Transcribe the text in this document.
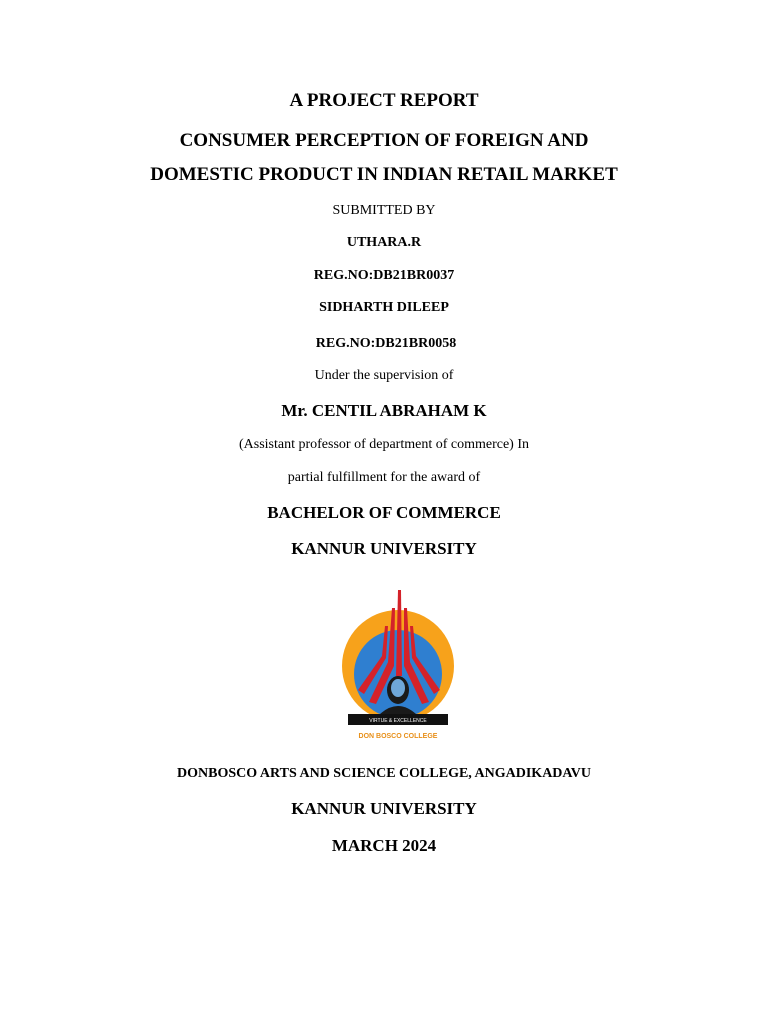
A PROJECT REPORT
CONSUMER PERCEPTION OF FOREIGN AND
DOMESTIC PRODUCT IN INDIAN RETAIL MARKET
SUBMITTED BY
UTHARA.R
REG.NO:DB21BR0037
SIDHARTH DILEEP
REG.NO:DB21BR0058
Under the supervision of
Mr. CENTIL ABRAHAM K
(Assistant professor of department of commerce) In
partial fulfillment for the award of
BACHELOR OF COMMERCE
KANNUR UNIVERSITY
VIRTUE & EXCELLENCE
DON BOSCO COLLEGE
DONBOSCO ARTS AND SCIENCE COLLEGE, ANGADIKADAVU
KANNUR UNIVERSITY
MARCH 2024
